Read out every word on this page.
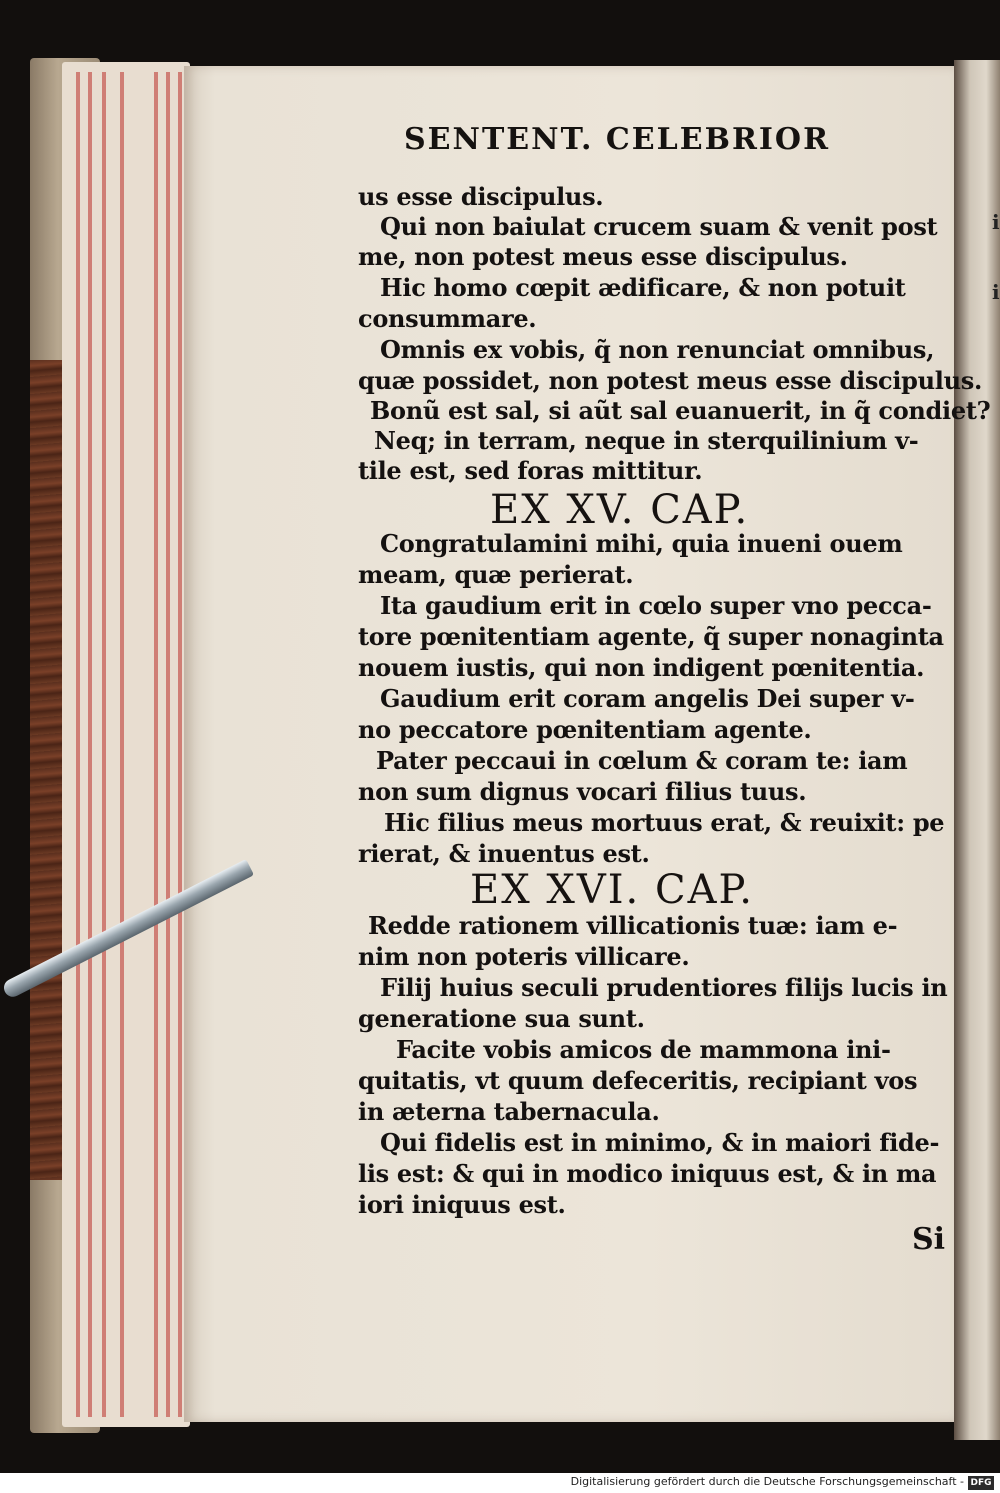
i
i
SENTENT. CELEBRIOR
us esse discipulus.
Qui non baiulat crucem suam & venit post
me, non potest meus esse discipulus.
Hic homo cœpit ædificare, & non potuit
consummare.
Omnis ex vobis, q̃ non renunciat omnibus,
quæ possidet, non potest meus esse discipulus.
Bonũ est sal, si aũt sal euanuerit, in q̃ condiet?
Neq; in terram, neque in sterquilinium v-
tile est, sed foras mittitur.
EX XV. CAP.
Congratulamini mihi, quia inueni ouem
meam, quæ perierat.
Ita gaudium erit in cœlo super vno pecca-
tore pœnitentiam agente, q̃ super nonaginta
nouem iustis, qui non indigent pœnitentia.
Gaudium erit coram angelis Dei super v-
no peccatore pœnitentiam agente.
Pater peccaui in cœlum & coram te: iam
non sum dignus vocari filius tuus.
Hic filius meus mortuus erat, & reuixit: pe
rierat, & inuentus est.
EX XVI. CAP.
Redde rationem villicationis tuæ: iam e-
nim non poteris villicare.
Filij huius seculi prudentiores filijs lucis in
generatione sua sunt.
Facite vobis amicos de mammona ini-
quitatis, vt quum defeceritis, recipiant vos
in æterna tabernacula.
Qui fidelis est in minimo, & in maiori fide-
lis est: & qui in modico iniquus est, & in ma
iori iniquus est.
Si
Digitalisierung gefördert durch die Deutsche Forschungsgemeinschaft - DFG
